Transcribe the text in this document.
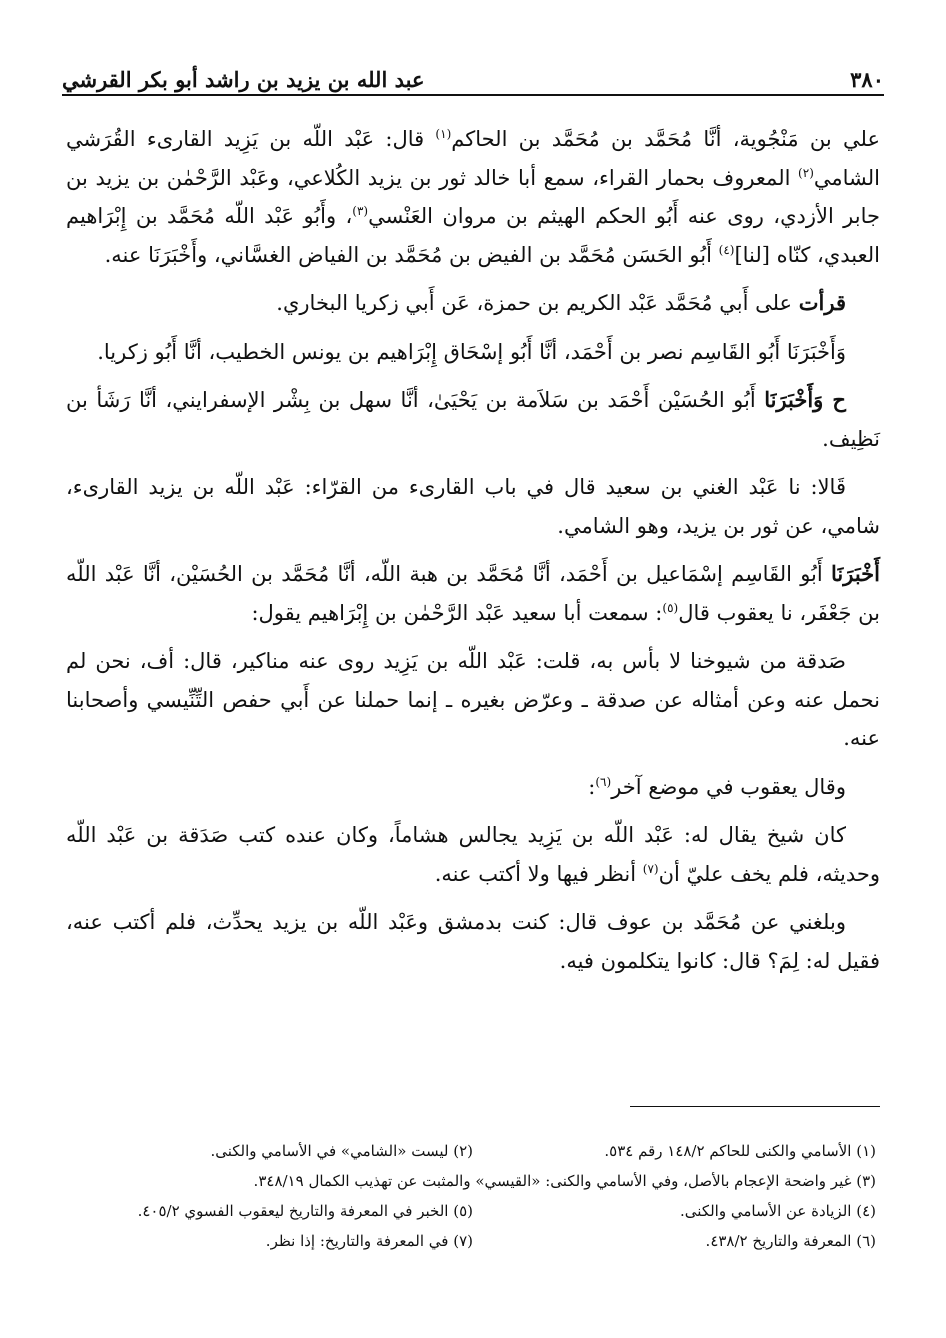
٣٨٠
عبد الله بن يزيد بن راشد أبو بكر القرشي

علي بن مَنْجُوية، أنَّا مُحَمَّد بن مُحَمَّد بن الحاكم$^{(١)}$ قال: عَبْد اللّه بن يَزِيد القارىء القُرَشي الشامي$^{(٢)}$ المعروف بحمار القراء، سمع أبا خالد ثور بن يزيد الكُلاعي، وعَبْد الرَّحْمٰن بن يزيد بن جابر الأزدي، روى عنه أَبُو الحكم الهيثم بن مروان العَنْسي$^{(٣)}$، وأَبُو عَبْد اللّه مُحَمَّد بن إِبْرَاهيم العبدي، كنّاه [لنا]$^{(٤)}$ أَبُو الحَسَن مُحَمَّد بن الفيض بن مُحَمَّد بن الفياض الغسَّاني، وأَخْبَرَنَا عنه.

قرأت على أَبي مُحَمَّد عَبْد الكريم بن حمزة، عَن أَبي زكريا البخاري.

وَأَخْبَرَنَا أَبُو القَاسِم نصر بن أَحْمَد، أنَّا أَبُو إسْحَاق إِبْرَاهيم بن يونس الخطيب، أنَّا أَبُو زكريا.

ح وَأَخْبَرَنَا أَبُو الحُسَيْن أَحْمَد بن سَلاَمة بن يَحْيَىٰ، أنَّا سهل بن بِشْر الإسفرايني، أنَّا رَشَأ بن نَظِيف.

قَالا: نا عَبْد الغني بن سعيد قال في باب القارىء من القرّاء: عَبْد اللّه بن يزيد القارىء، شامي، عن ثور بن يزيد، وهو الشامي.

أَخْبَرَنَا أَبُو القَاسِم إسْمَاعيل بن أَحْمَد، أنَّا مُحَمَّد بن هبة اللّه، أنَّا مُحَمَّد بن الحُسَيْن، أنَّا عَبْد اللّه بن جَعْفَر، نا يعقوب قال$^{(٥)}$: سمعت أبا سعيد عَبْد الرَّحْمٰن بن إِبْرَاهيم يقول:

صَدقة من شيوخنا لا بأس به، قلت: عَبْد اللّه بن يَزِيد روى عنه مناكير، قال: أف، نحن لم نحمل عنه وعن أمثاله عن صدقة ـ وعرّض بغيره ـ إنما حملنا عن أَبي حفص التِّنِّيسي وأصحابنا عنه.

وقال يعقوب في موضع آخر$^{(٦)}$:

كان شيخ يقال له: عَبْد اللّه بن يَزِيد يجالس هشاماً، وكان عنده كتب صَدَقة بن عَبْد اللّه وحديثه، فلم يخف عليّ أن$^{(٧)}$ أنظر فيها ولا أكتب عنه.

وبلغني عن مُحَمَّد بن عوف قال: كنت بدمشق وعَبْد اللّه بن يزيد يحدِّث، فلم أكتب عنه، فقيل له: لِمَ؟ قال: كانوا يتكلمون فيه.

(١) الأسامي والكنى للحاكم ١٤٨/٢ رقم ٥٣٤.
(٢) ليست «الشامي» في الأسامي والكنى.
(٣) غير واضحة الإعجام بالأصل، وفي الأسامي والكنى: «القيسي» والمثبت عن تهذيب الكمال ٣٤٨/١٩.
(٤) الزيادة عن الأسامي والكنى.
(٥) الخبر في المعرفة والتاريخ ليعقوب الفسوي ٤٠٥/٢.
(٦) المعرفة والتاريخ ٤٣٨/٢.
(٧) في المعرفة والتاريخ: إذا نظر.
